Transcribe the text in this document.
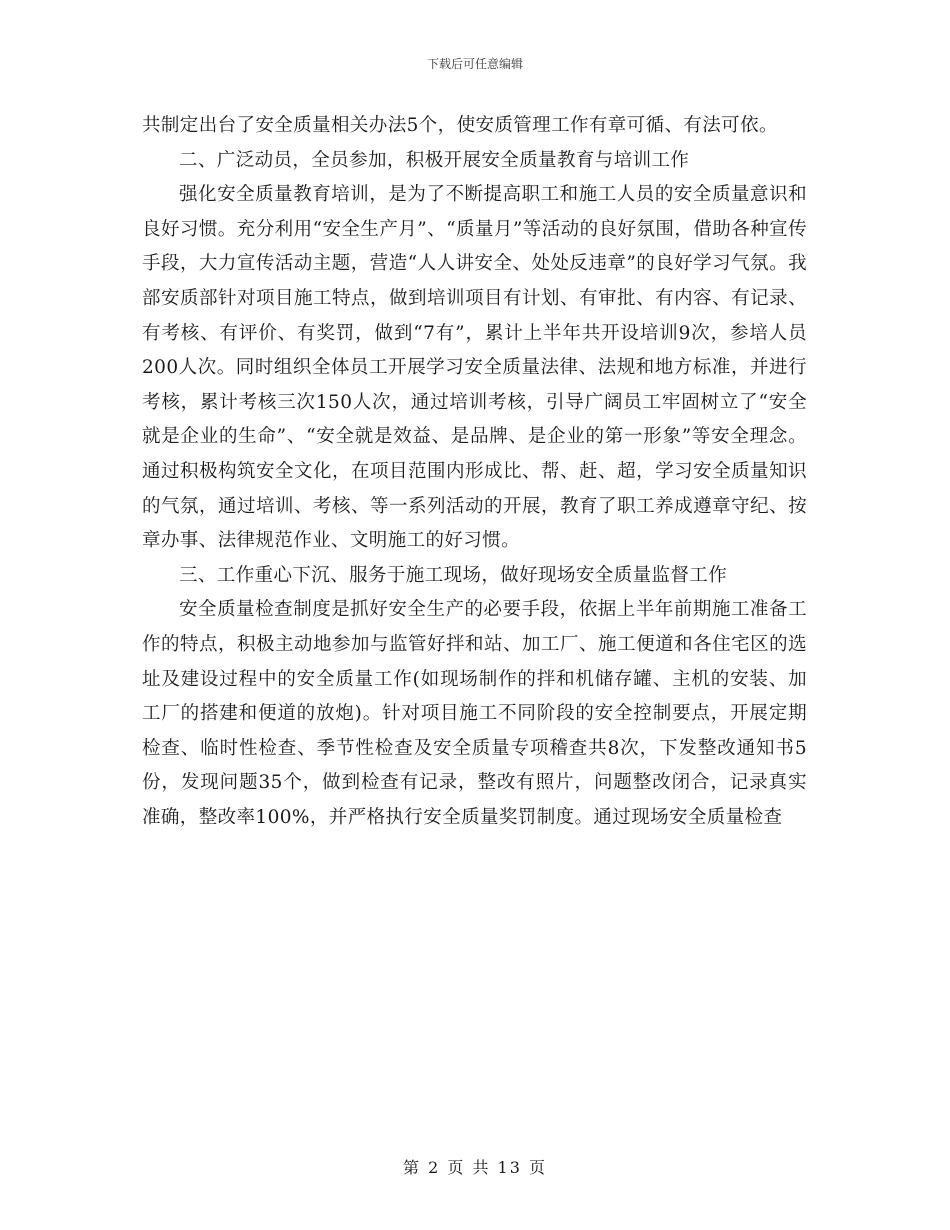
下载后可任意编辑

共制定出台了安全质量相关办法5个，使安质管理工作有章可循、有法可依。

二、广泛动员，全员参加，积极开展安全质量教育与培训工作

强化安全质量教育培训，是为了不断提高职工和施工人员的安全质量意识和良好习惯。充分利用“安全生产月”、“质量月”等活动的良好氛围，借助各种宣传手段，大力宣传活动主题，营造“人人讲安全、处处反违章”的良好学习气氛。我部安质部针对项目施工特点，做到培训项目有计划、有审批、有内容、有记录、有考核、有评价、有奖罚，做到“7有”，累计上半年共开设培训9次，参培人员200人次。同时组织全体员工开展学习安全质量法律、法规和地方标准，并进行考核，累计考核三次150人次，通过培训考核，引导广阔员工牢固树立了“安全就是企业的生命”、“安全就是效益、是品牌、是企业的第一形象”等安全理念。通过积极构筑安全文化，在项目范围内形成比、帮、赶、超，学习安全质量知识的气氛，通过培训、考核、等一系列活动的开展，教育了职工养成遵章守纪、按章办事、法律规范作业、文明施工的好习惯。

三、工作重心下沉、服务于施工现场，做好现场安全质量监督工作

安全质量检查制度是抓好安全生产的必要手段，依据上半年前期施工准备工作的特点，积极主动地参加与监管好拌和站、加工厂、施工便道和各住宅区的选址及建设过程中的安全质量工作(如现场制作的拌和机储存罐、主机的安装、加工厂的搭建和便道的放炮)。针对项目施工不同阶段的安全控制要点，开展定期检查、临时性检查、季节性检查及安全质量专项稽查共8次，下发整改通知书5份，发现问题35个，做到检查有记录，整改有照片，问题整改闭合，记录真实准确，整改率100%，并严格执行安全质量奖罚制度。通过现场安全质量检查

第 2 页 共 13 页
